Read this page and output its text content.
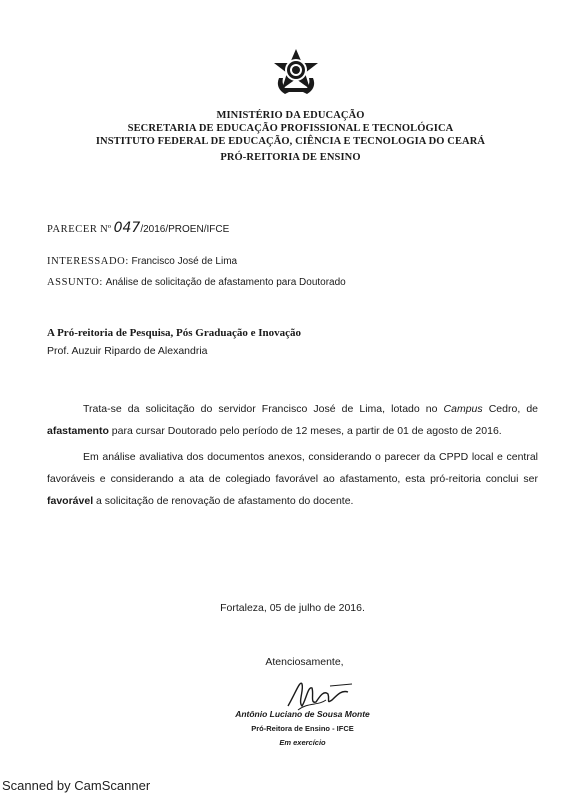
MINISTÉRIO DA EDUCAÇÃO
SECRETARIA DE EDUCAÇÃO PROFISSIONAL E TECNOLÓGICA
INSTITUTO FEDERAL DE EDUCAÇÃO, CIÊNCIA E TECNOLOGIA DO CEARÁ
PRÓ-REITORIA DE ENSINO
PARECER Nº 047/2016/PROEN/IFCE
INTERESSADO: Francisco José de Lima
ASSUNTO: Análise de solicitação de afastamento para Doutorado
A Pró-reitoria de Pesquisa, Pós Graduação e Inovação
Prof. Auzuir Ripardo de Alexandria
Trata-se da solicitação do servidor Francisco José de Lima, lotado no Campus Cedro, de afastamento para cursar Doutorado pelo período de 12 meses, a partir de 01 de agosto de 2016.
Em análise avaliativa dos documentos anexos, considerando o parecer da CPPD local e central favoráveis e considerando a ata de colegiado favorável ao afastamento, esta pró-reitoria conclui ser favorável a solicitação de renovação de afastamento do docente.
Fortaleza, 05 de julho de 2016.
Atenciosamente,
Antônio Luciano de Sousa Monte
Pró-Reitora de Ensino - IFCE
Em exercício
Scanned by CamScanner
